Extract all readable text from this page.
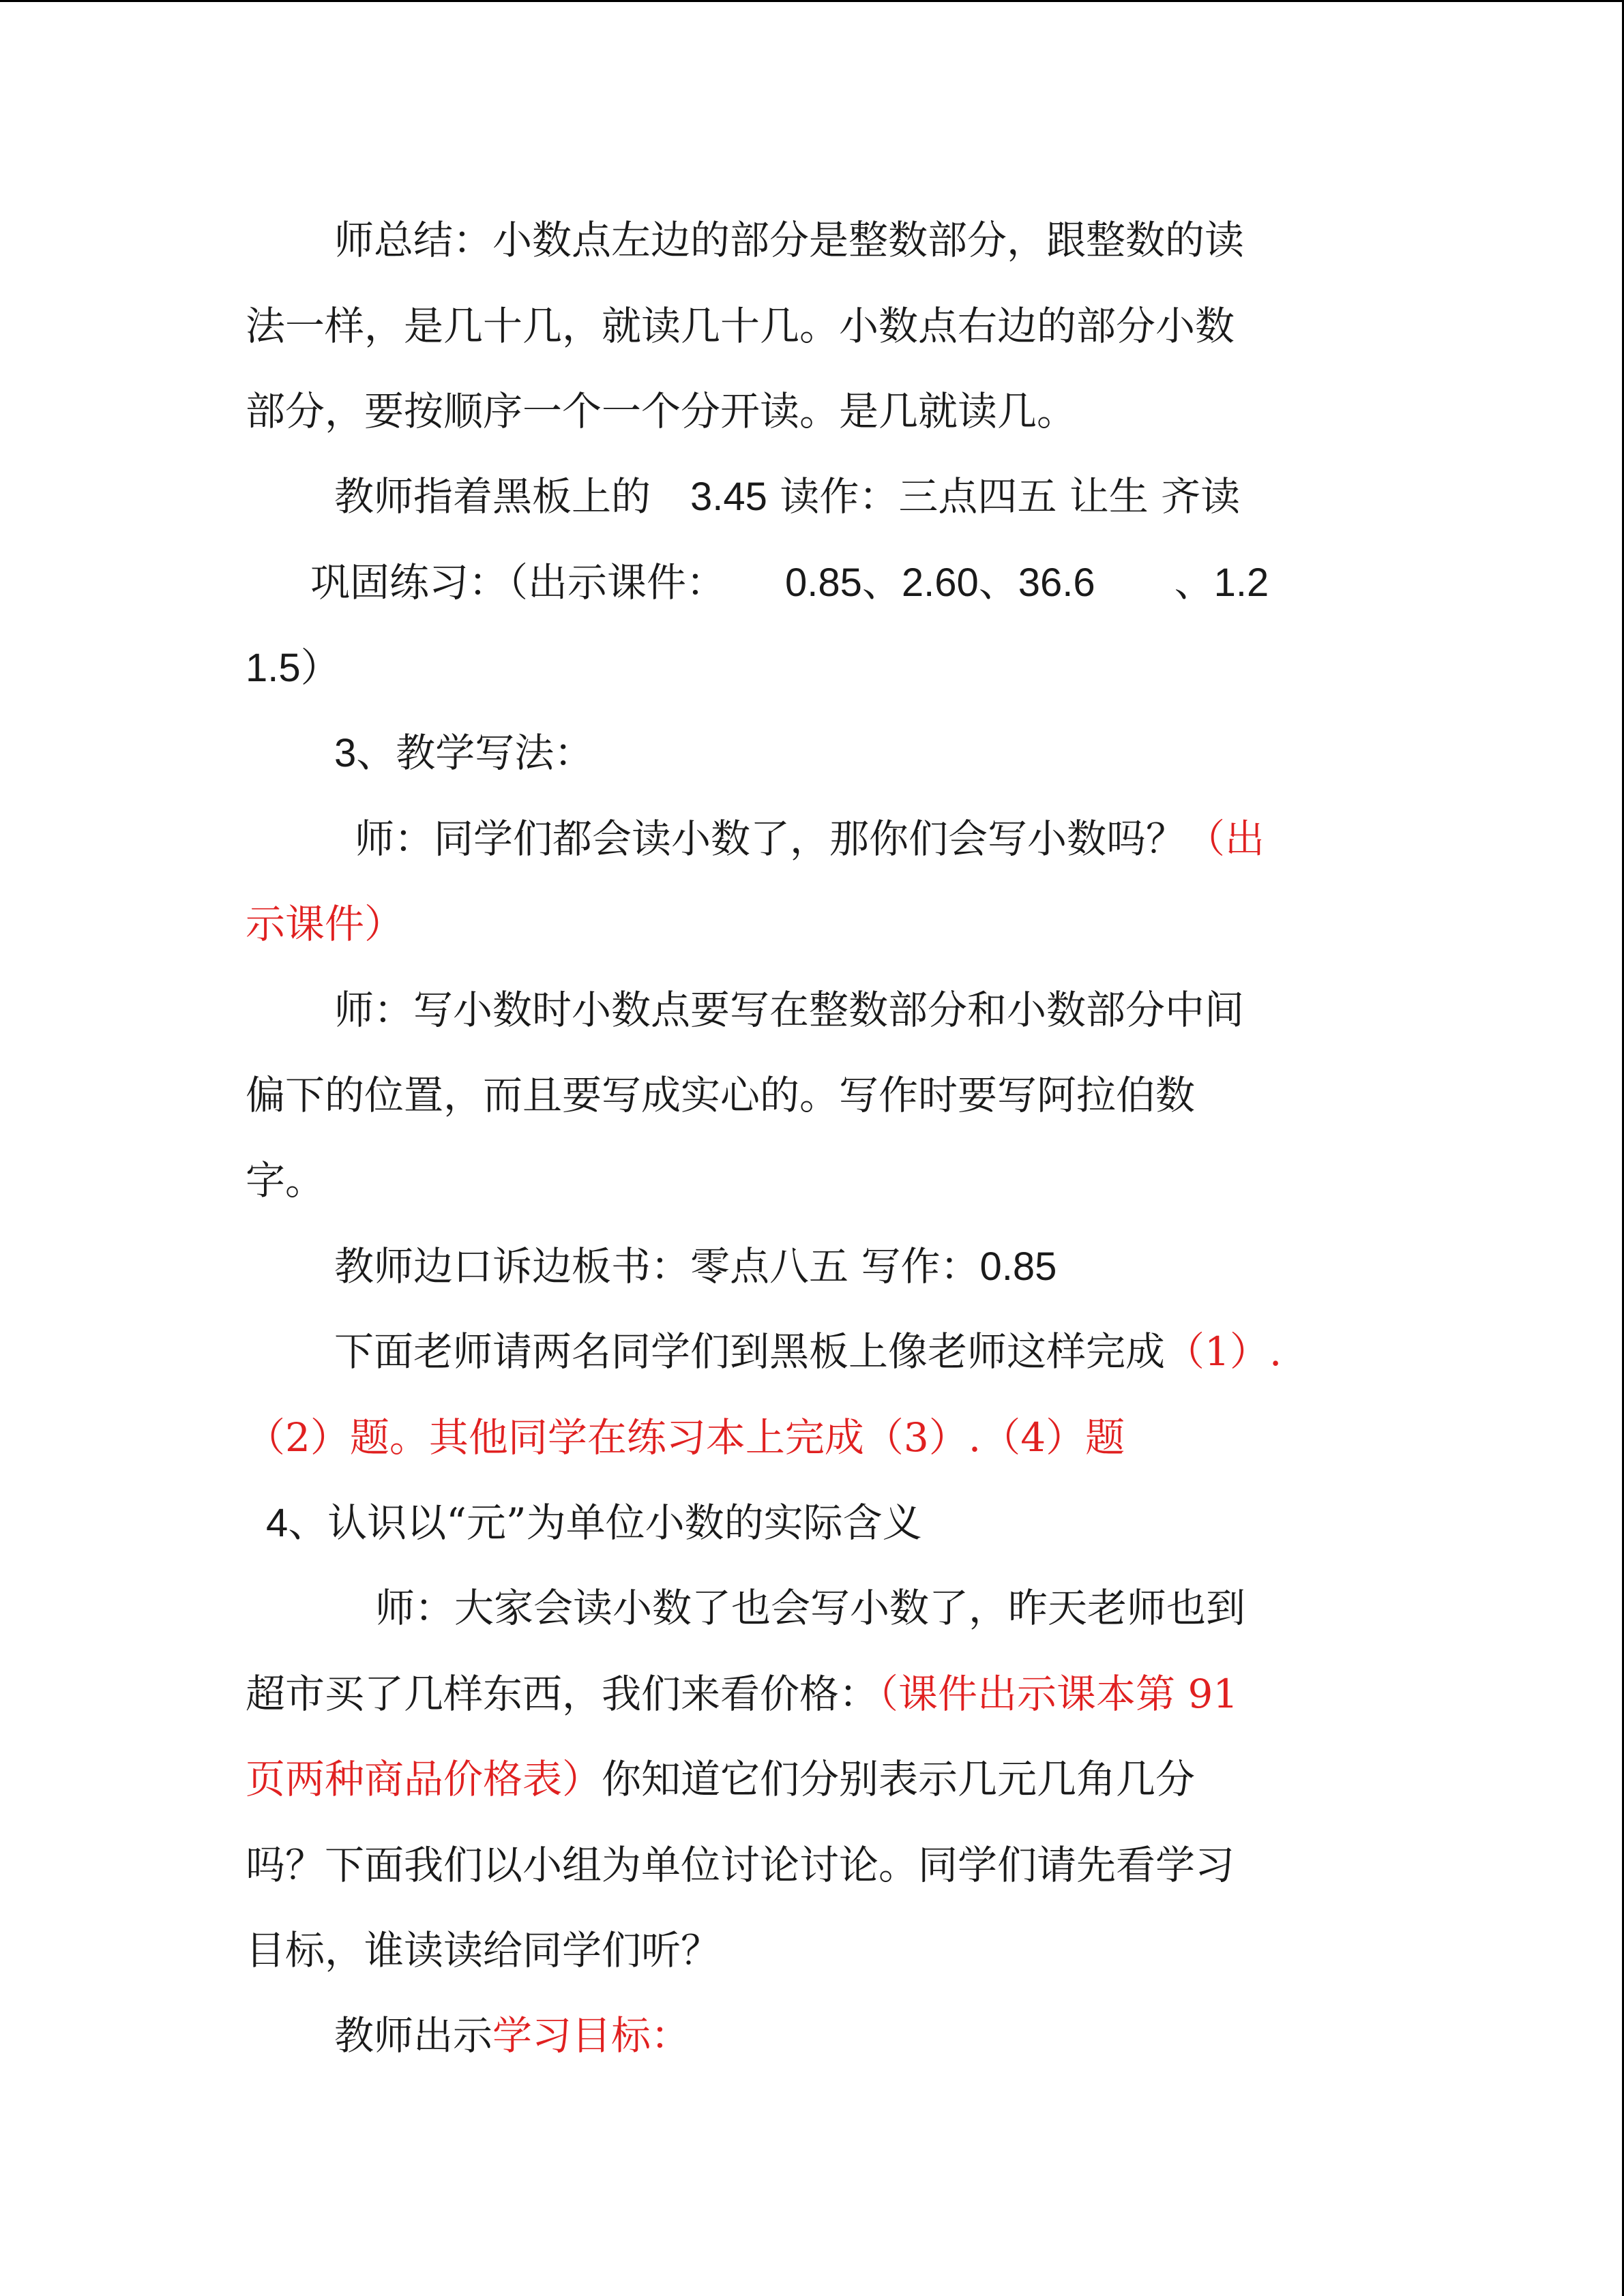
师总结：小数点左边的部分是整数部分，跟整数的读
法一样，是几十几，就读几十几。小数点右边的部分小数
部分，要按顺序一个一个分开读。是几就读几。
教师指着黑板上的　3.45 读作：三点四五 让生 齐读
巩固练习：（出示课件：　　0.85、2.60、36.6　　、1.2
1.5）
3、教学写法：
师：同学们都会读小数了，那你们会写小数吗？（出
示课件）
师：写小数时小数点要写在整数部分和小数部分中间
偏下的位置，而且要写成实心的。写作时要写阿拉伯数
字。
教师边口诉边板书：零点八五 写作：0.85
下面老师请两名同学们到黑板上像老师这样完成（1）.
（2）题。其他同学在练习本上完成（3）.（4）题
4、认识以“元”为单位小数的实际含义
师：大家会读小数了也会写小数了，昨天老师也到
超市买了几样东西，我们来看价格：（课件出示课本第 91
页两种商品价格表）你知道它们分别表示几元几角几分
吗？下面我们以小组为单位讨论讨论。同学们请先看学习
目标，谁读读给同学们听？
教师出示学习目标：
